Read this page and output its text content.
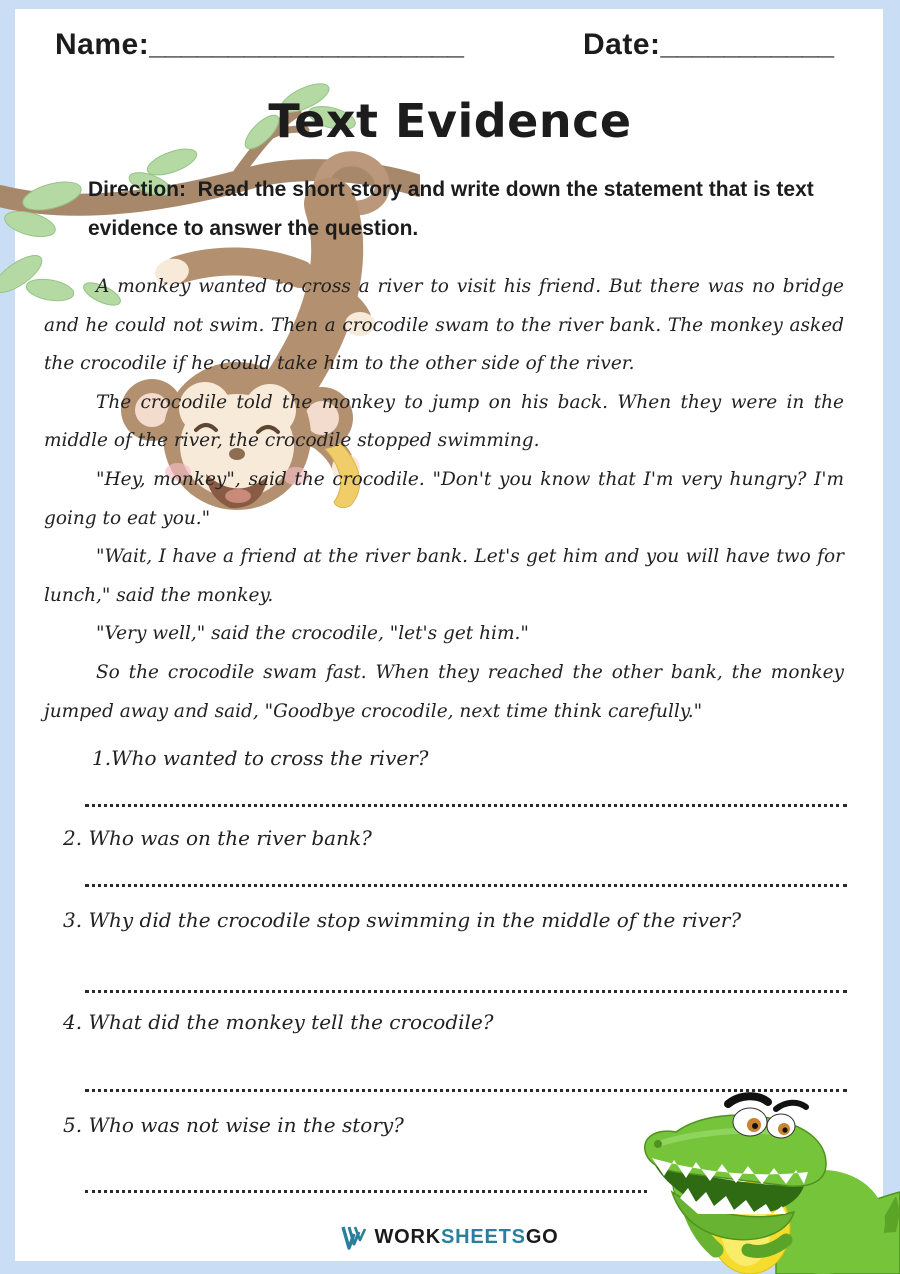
Name:____________________	Date:___________
Text Evidence
Direction:  Read the short story and write down the statement that is text evidence to answer the question.

A monkey wanted to cross a river to visit his friend. But there was no bridge and he could not swim. Then a crocodile swam to the river bank. The monkey asked the crocodile if he could take him to the other side of the river.

The crocodile told the monkey to jump on his back. When they were in the middle of the river, the crocodile stopped swimming.

"Hey, monkey", said the crocodile. "Don't you know that I'm very hungry? I'm going to eat you."

"Wait, I have a friend at the river bank. Let's get him and you will have two for lunch," said the monkey.

"Very well," said the crocodile, "let's get him."

So the crocodile swam fast. When they reached the other bank, the monkey jumped away and said, "Goodbye crocodile, next time think carefully."

1.Who wanted to cross the river?
2. Who was on the river bank?
3. Why did the crocodile stop swimming in the middle of the river?
4. What did the monkey tell the crocodile?
5. Who was not wise in the story?
WORKSHEETSGO
